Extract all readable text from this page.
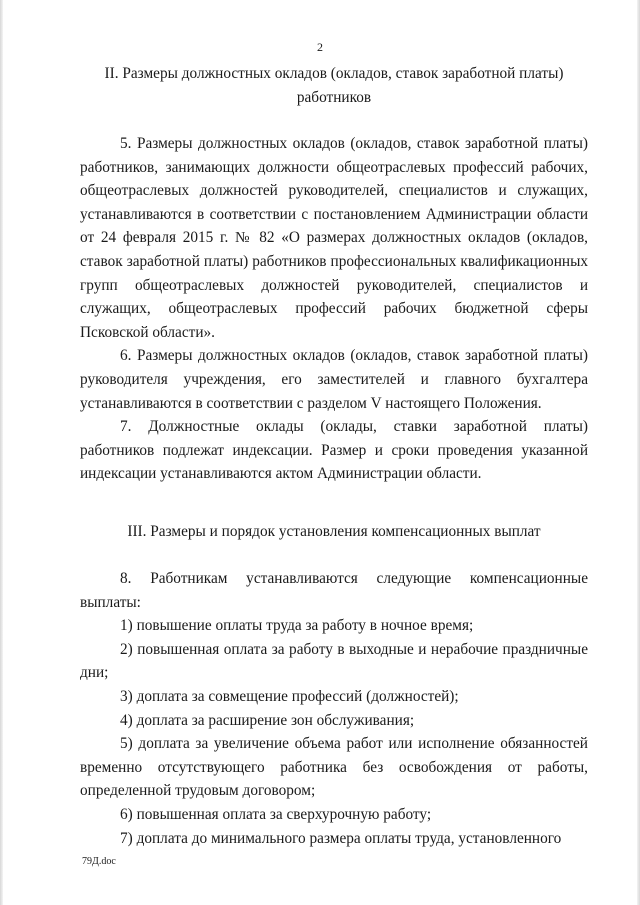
2

II. Размеры должностных окладов (окладов, ставок заработной платы)

работников

5. Размеры должностных окладов (окладов, ставок заработной платы) работников, занимающих должности общеотраслевых профессий рабочих, общеотраслевых должностей руководителей, специалистов и служащих, устанавливаются в соответствии с постановлением Администрации области от 24 февраля 2015 г. № 82 «О размерах должностных окладов (окладов, ставок заработной платы) работников профессиональных квалификационных групп общеотраслевых должностей руководителей, специалистов и служащих, общеотраслевых профессий рабочих бюджетной сферы Псковской области».

6. Размеры должностных окладов (окладов, ставок заработной платы) руководителя учреждения, его заместителей и главного бухгалтера устанавливаются в соответствии с разделом V настоящего Положения.

7. Должностные оклады (оклады, ставки заработной платы) работников подлежат индексации. Размер и сроки проведения указанной индексации устанавливаются актом Администрации области.

III. Размеры и порядок установления компенсационных выплат

8. Работникам устанавливаются следующие компенсационные выплаты:

1) повышение оплаты труда за работу в ночное время;

2) повышенная оплата за работу в выходные и нерабочие праздничные дни;

3) доплата за совмещение профессий (должностей);

4) доплата за расширение зон обслуживания;

5) доплата за увеличение объема работ или исполнение обязанностей временно отсутствующего работника без освобождения от работы, определенной трудовым договором;

6) повышенная оплата за сверхурочную работу;

7) доплата до минимального размера оплаты труда, установленного

79Д.doc
